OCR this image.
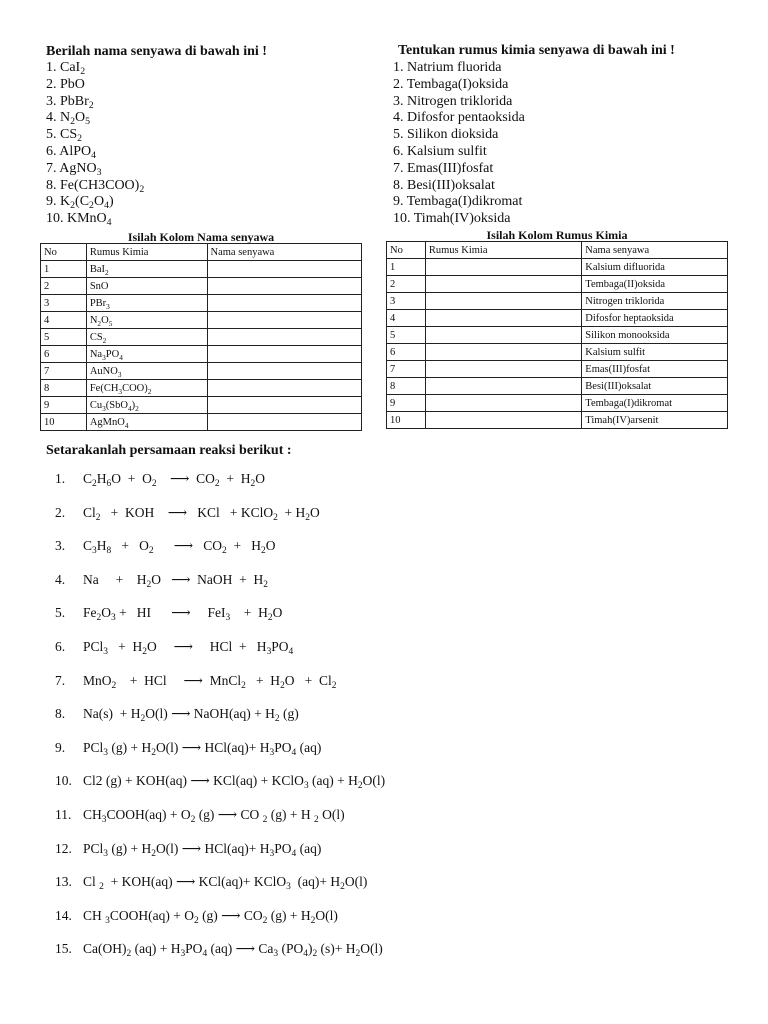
Berilah nama senyawa di bawah ini !
1. CaI$_2$
2. PbO
3. PbBr$_2$
4. $N_2O_5$
5. $CS_2$
6. AlPO$_4$
7. AgNO$_3$
8. $Fe(CH3COO)_2$
9. $K_2(C_2O_4)$
10. KMnO$_4$
Tentukan rumus kimia senyawa di bawah ini !
1. Natrium fluorida
2. Tembaga(I)oksida
3. Nitrogen triklorida
4. Difosfor pentaoksida
5. Silikon dioksida
6. Kalsium sulfit
7. Emas(III)fosfat
8. Besi(III)oksalat
9. Tembaga(I)dikromat
10. Timah(IV)oksida
Isilah Kolom Nama senyawa
No	Rumus Kimia	Nama senyawa
1	BaI$_2$	
2	SnO	
3	PBr$_3$	
4	$N_2O_5$	
5	$CS_2$	
6	$Na_3PO_4$	
7	AuNO$_3$	
8	$Fe(CH_3COO)_2$	
9	$Cu_3(SbO_4)_2$	
10	AgMnO$_4$	
Isilah Kolom Rumus Kimia
No	Rumus Kimia	Nama senyawa
1		Kalsium difluorida
2		Tembaga(II)oksida
3		Nitrogen triklorida
4		Difosfor heptaoksida
5		Silikon monooksida
6		Kalsium sulfit
7		Emas(III)fosfat
8		Besi(III)oksalat
9		Tembaga(I)dikromat
10		Timah(IV)arsenit
Setarakanlah persamaan reaksi berikut :
1. $C_2H_6O + O_2$    ⟶  $CO_2 + H_2O$
2. $Cl_2$   +  KOH    ⟶   KCl   + KClO$_2$  + $H_2O$
3. $C_3H_8 + O_2$      ⟶   $CO_2 + H_2O$
4. Na     +    $H_2O$   ⟶  NaOH  +  $H_2$
5. $Fe_2O_3$ +   HI      ⟶     FeI$_3$    +  $H_2O$
6. $PCl_3 + H_2O$     ⟶     HCl  +   $H_3PO_4$
7. MnO$_2$    +  HCl     ⟶  MnCl$_2$   +  $H_2O + Cl_2$
8. $Na(s) + H_2O(l)$ ⟶ NaOH(aq) + $H_2$ (g)
9. PCl$_3$ $(g) + H_2O(l)$ ⟶ $HCl(aq)+ H_3PO_4$ (aq)
10. Cl2 (g) + KOH(aq) ⟶ KCl(aq) + KClO$_3$ $(aq) + H_2O(l)$
11. $CH_3COOH(aq) + O_2$ (g) ⟶ CO $_2$ (g) + H $_2$ O(l)
12. PCl$_3$ $(g) + H_2O(l)$ ⟶ $HCl(aq)+ H_3PO_4$ (aq)
13. Cl $_2$  + KOH(aq) ⟶ KCl(aq)+ KClO$_3$  $(aq)+ H_2O(l)$
14. CH $_3$COOH(aq) + $O_2$ (g) ⟶ $CO_2$ $(g) + H_2O(l)$
15. $Ca(OH)_2$ $(aq) + H_3PO_4$ (aq) ⟶ $Ca_3$ $(PO_4)_2$ $(s)+ H_2O(l)$
